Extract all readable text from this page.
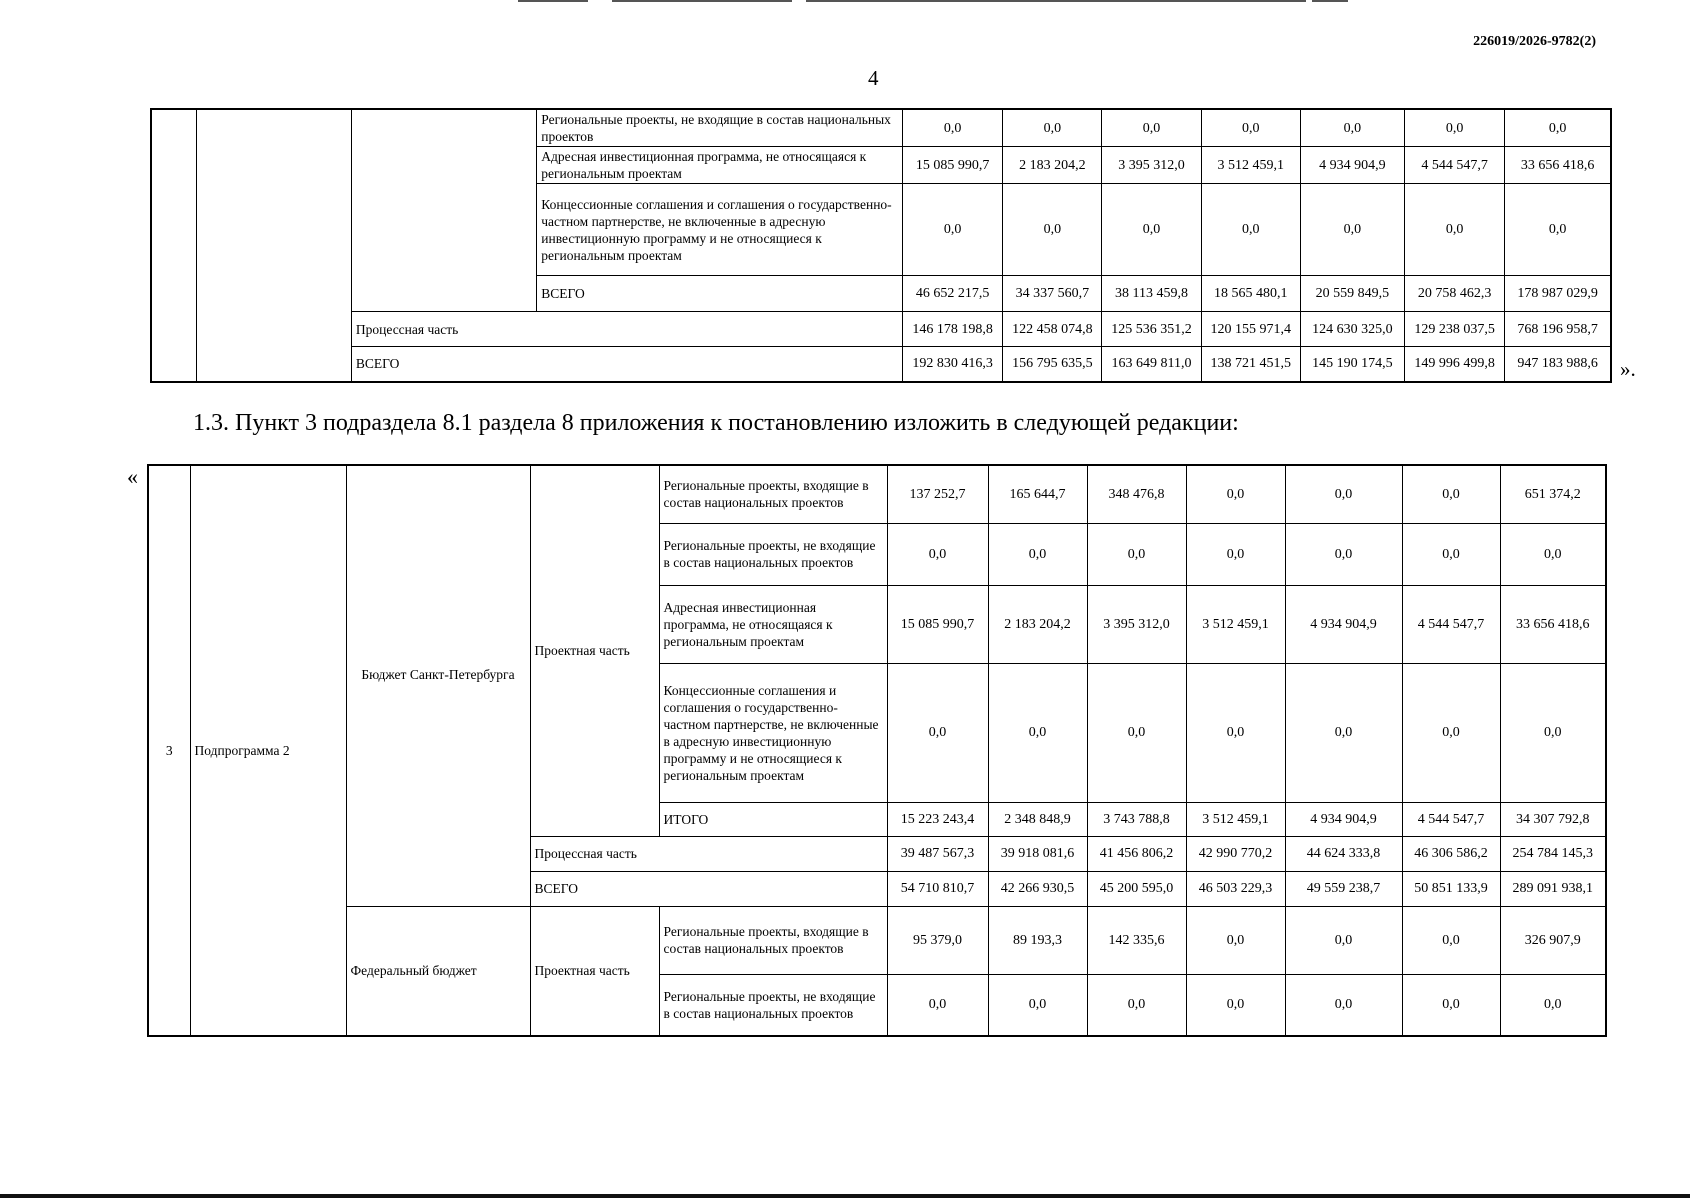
226019/2026-9782(2)
4
			Региональные проекты, не входящие в состав национальных проектов	0,0	0,0	0,0	0,0	0,0	0,0	0,0
			Адресная инвестиционная программа, не относящаяся к региональным проектам	15 085 990,7	2 183 204,2	3 395 312,0	3 512 459,1	4 934 904,9	4 544 547,7	33 656 418,6
			Концессионные соглашения и соглашения о государственно-частном партнерстве, не включенные в адресную инвестиционную программу и не относящиеся к региональным проектам	0,0	0,0	0,0	0,0	0,0	0,0	0,0
			ВСЕГО	46 652 217,5	34 337 560,7	38 113 459,8	18 565 480,1	20 559 849,5	20 758 462,3	178 987 029,9
		Процессная часть		146 178 198,8	122 458 074,8	125 536 351,2	120 155 971,4	124 630 325,0	129 238 037,5	768 196 958,7
		ВСЕГО		192 830 416,3	156 795 635,5	163 649 811,0	138 721 451,5	145 190 174,5	149 996 499,8	947 183 988,6 ».
1.3. Пункт 3 подраздела 8.1 раздела 8 приложения к постановлению изложить в следующей редакции:
«
3	Подпрограмма 2	Бюджет Санкт-Петербурга	Проектная часть	Региональные проекты, входящие в состав национальных проектов	137 252,7	165 644,7	348 476,8	0,0	0,0	0,0	651 374,2
				Региональные проекты, не входящие в состав национальных проектов	0,0	0,0	0,0	0,0	0,0	0,0	0,0
				Адресная инвестиционная программа, не относящаяся к региональным проектам	15 085 990,7	2 183 204,2	3 395 312,0	3 512 459,1	4 934 904,9	4 544 547,7	33 656 418,6
				Концессионные соглашения и соглашения о государственно-частном партнерстве, не включенные в адресную инвестиционную программу и не относящиеся к региональным проектам	0,0	0,0	0,0	0,0	0,0	0,0	0,0
				ИТОГО	15 223 243,4	2 348 848,9	3 743 788,8	3 512 459,1	4 934 904,9	4 544 547,7	34 307 792,8
			Процессная часть		39 487 567,3	39 918 081,6	41 456 806,2	42 990 770,2	44 624 333,8	46 306 586,2	254 784 145,3
			ВСЕГО		54 710 810,7	42 266 930,5	45 200 595,0	46 503 229,3	49 559 238,7	50 851 133,9	289 091 938,1
		Федеральный бюджет	Проектная часть	Региональные проекты, входящие в состав национальных проектов	95 379,0	89 193,3	142 335,6	0,0	0,0	0,0	326 907,9
				Региональные проекты, не входящие в состав национальных проектов	0,0	0,0	0,0	0,0	0,0	0,0	0,0
